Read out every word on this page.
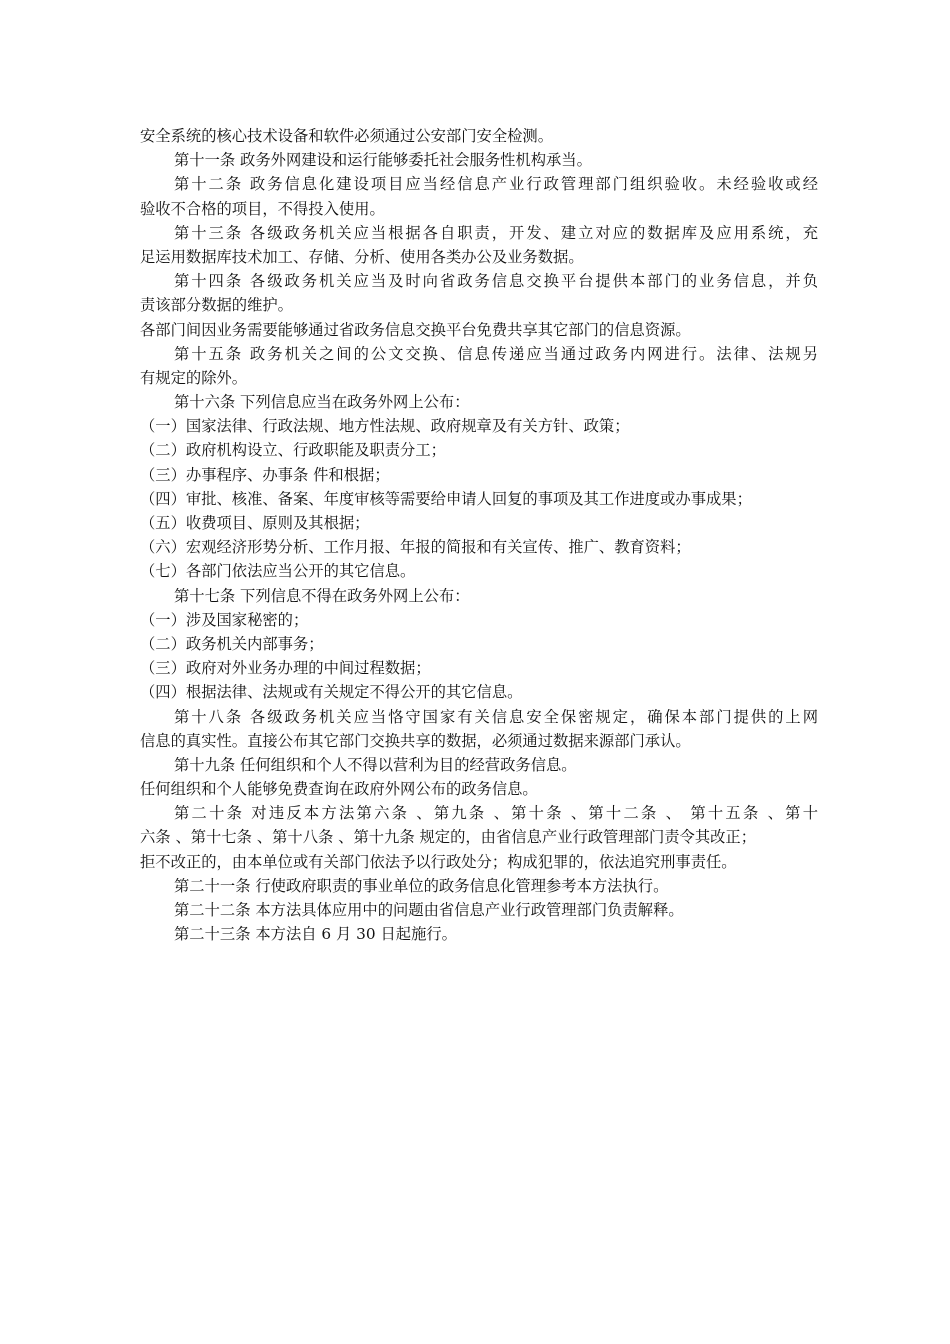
安全系统的核心技术设备和软件必须通过公安部门安全检测。
第十一条 政务外网建设和运行能够委托社会服务性机构承当。
第十二条 政务信息化建设项目应当经信息产业行政管理部门组织验收。未经验收或经
验收不合格的项目，不得投入使用。
第十三条 各级政务机关应当根据各自职责，开发、建立对应的数据库及应用系统，充
足运用数据库技术加工、存储、分析、使用各类办公及业务数据。
第十四条 各级政务机关应当及时向省政务信息交换平台提供本部门的业务信息，并负
责该部分数据的维护。
各部门间因业务需要能够通过省政务信息交换平台免费共享其它部门的信息资源。
第十五条 政务机关之间的公文交换、信息传递应当通过政务内网进行。法律、法规另
有规定的除外。
第十六条 下列信息应当在政务外网上公布：
（一）国家法律、行政法规、地方性法规、政府规章及有关方针、政策；
（二）政府机构设立、行政职能及职责分工；
（三）办事程序、办事条 件和根据；
（四）审批、核准、备案、年度审核等需要给申请人回复的事项及其工作进度或办事成果；
（五）收费项目、原则及其根据；
（六）宏观经济形势分析、工作月报、年报的简报和有关宣传、推广、教育资料；
（七）各部门依法应当公开的其它信息。
第十七条 下列信息不得在政务外网上公布：
（一）涉及国家秘密的；
（二）政务机关内部事务；
（三）政府对外业务办理的中间过程数据；
（四）根据法律、法规或有关规定不得公开的其它信息。
第十八条 各级政务机关应当恪守国家有关信息安全保密规定，确保本部门提供的上网
信息的真实性。直接公布其它部门交换共享的数据，必须通过数据来源部门承认。
第十九条 任何组织和个人不得以营利为目的经营政务信息。
任何组织和个人能够免费查询在政府外网公布的政务信息。
第二十条 对违反本方法第六条 、第九条 、第十条 、第十二条 、 第十五条 、第十
六条 、第十七条 、第十八条 、第十九条 规定的，由省信息产业行政管理部门责令其改正；
拒不改正的，由本单位或有关部门依法予以行政处分；构成犯罪的，依法追究刑事责任。
第二十一条 行使政府职责的事业单位的政务信息化管理参考本方法执行。
第二十二条 本方法具体应用中的问题由省信息产业行政管理部门负责解释。
第二十三条 本方法自 6 月 30 日起施行。
